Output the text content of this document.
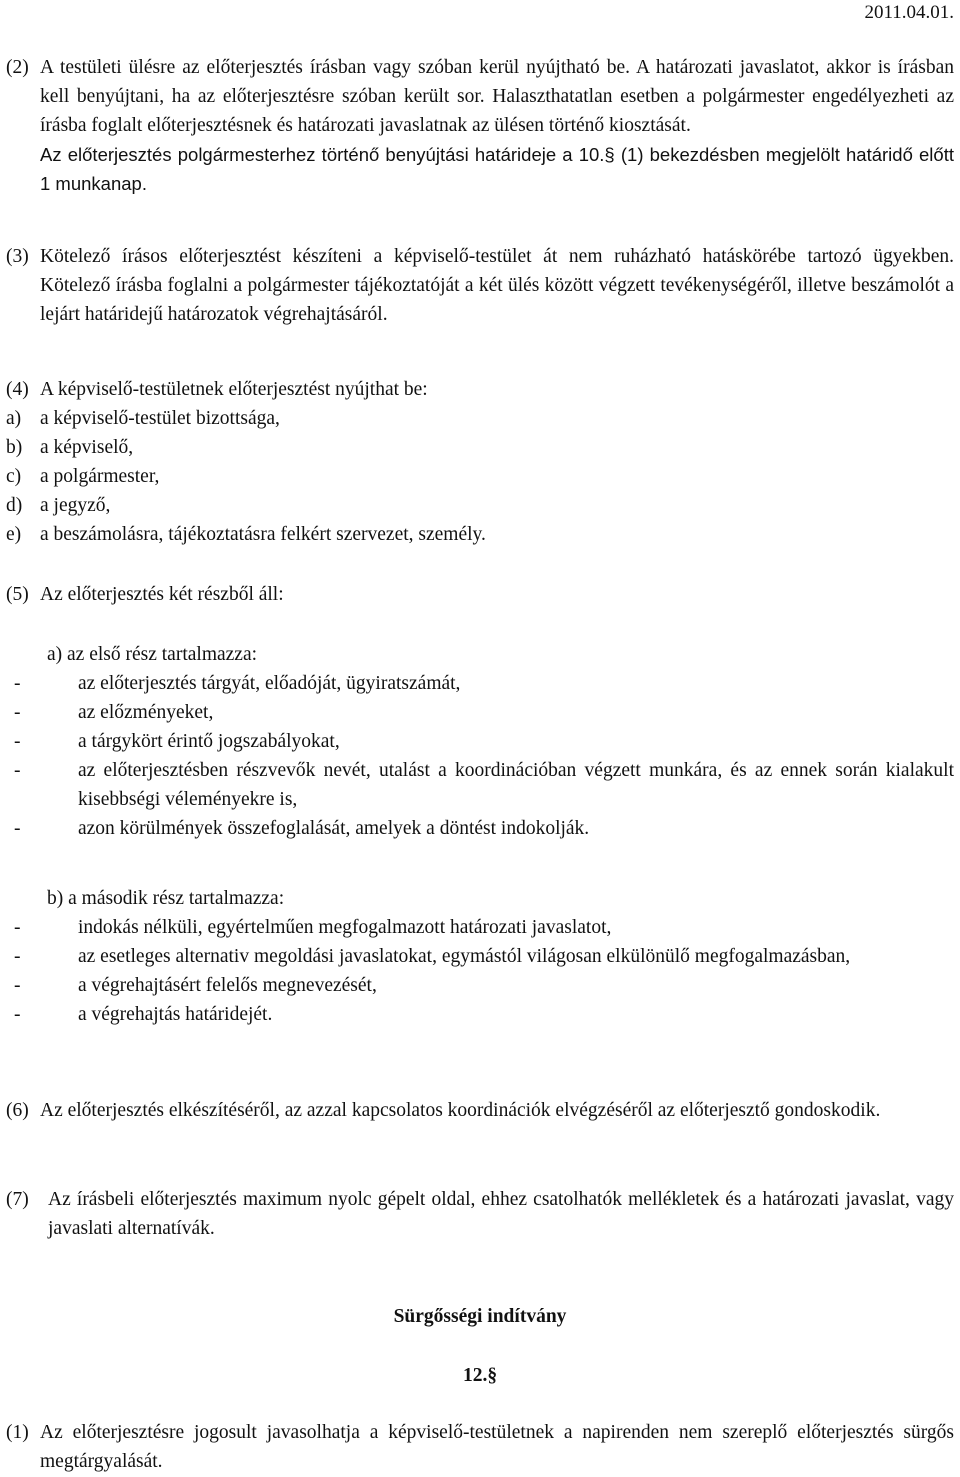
2011.04.01.
(2) A testületi ülésre az előterjesztés írásban vagy szóban kerül nyújtható be. A határozati javaslatot, akkor is írásban kell benyújtani, ha az előterjesztésre szóban került sor. Halaszthatatlan esetben a polgármester engedélyezheti az írásba foglalt előterjesztésnek és határozati javaslatnak az ülésen történő kiosztását.
Az előterjesztés polgármesterhez történő benyújtási határideje a 10.§ (1) bekezdésben megjelölt határidő előtt 1 munkanap.
(3) Kötelező írásos előterjesztést készíteni a képviselő-testület át nem ruházható hatáskörébe tartozó ügyekben. Kötelező írásba foglalni a polgármester tájékoztatóját a két ülés között végzett tevékenységéről, illetve beszámolót a lejárt határidejű határozatok végrehajtásáról.
(4) A képviselő-testületnek előterjesztést nyújthat be:
a) a képviselő-testület bizottsága,
b) a képviselő,
c) a polgármester,
d) a jegyző,
e) a beszámolásra, tájékoztatásra felkért szervezet, személy.
(5) Az előterjesztés két részből áll:
a) az első rész tartalmazza:
-	az előterjesztés tárgyát, előadóját, ügyiratszámát,
-	az előzményeket,
-	a tárgykört érintő jogszabályokat,
-	az előterjesztésben részvevők nevét, utalást a koordinációban végzett munkára, és az ennek során kialakult kisebbségi véleményekre is,
-	azon körülmények összefoglalását, amelyek a döntést indokolják.
b) a második rész tartalmazza:
-	indokás nélküli, egyértelműen megfogalmazott határozati javaslatot,
-	az esetleges alternativ megoldási javaslatokat, egymástól világosan elkülönülő megfogalmazásban,
-	a végrehajtásért felelős megnevezését,
-	a végrehajtás határidejét.
(6) Az előterjesztés elkészítéséről, az azzal kapcsolatos koordinációk elvégzéséről az előterjesztő gondoskodik.
(7) Az írásbeli előterjesztés maximum nyolc gépelt oldal, ehhez csatolhatók mellékletek és a határozati javaslat, vagy javaslati alternatívák.
Sürgősségi indítvány
12.§
(1) Az előterjesztésre jogosult javasolhatja a képviselő-testületnek a napirenden nem szereplő előterjesztés sürgős megtárgyalását.
